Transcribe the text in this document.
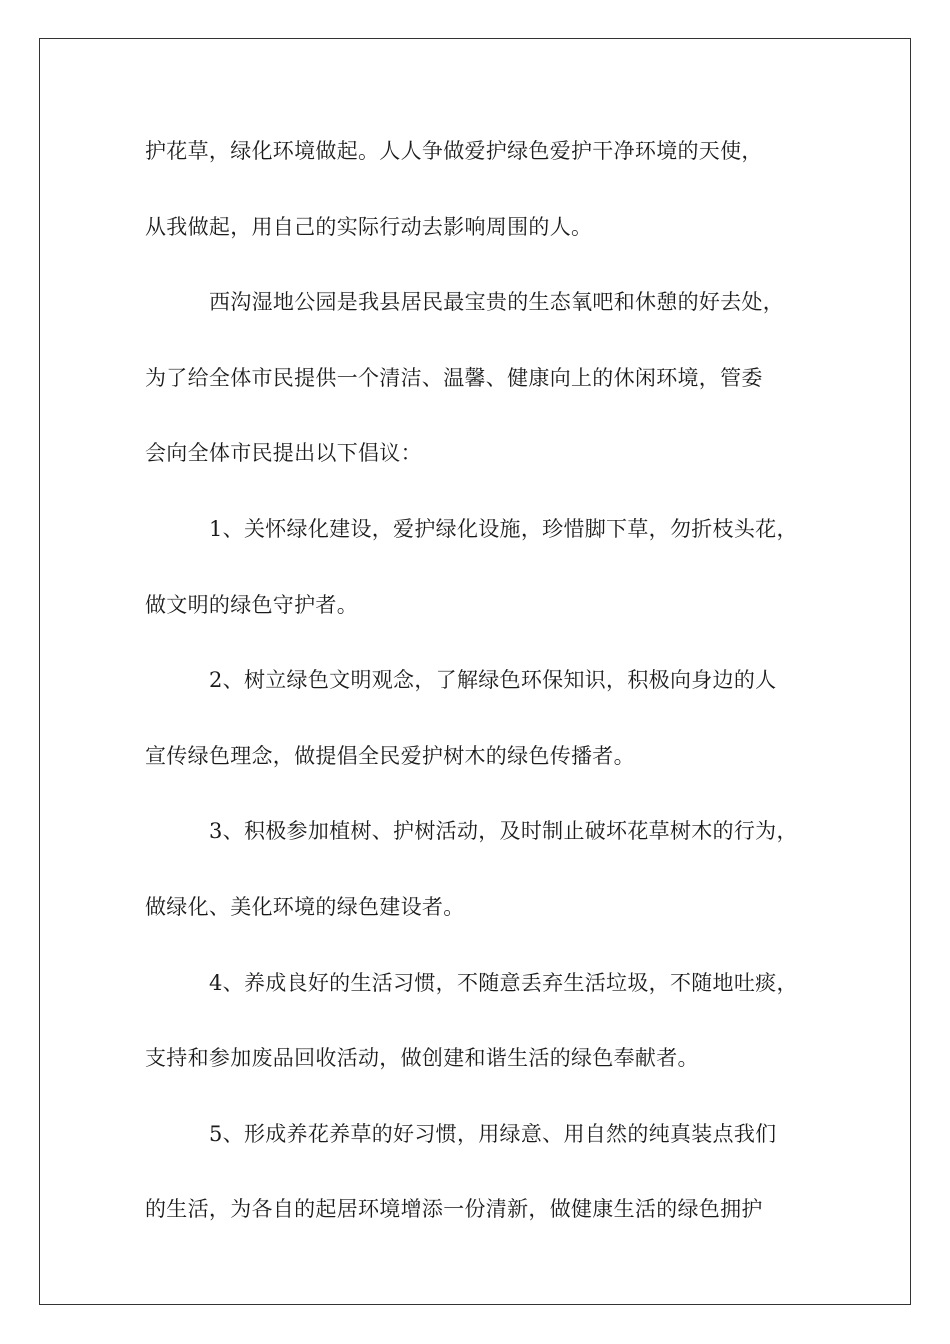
护花草，绿化环境做起。人人争做爱护绿色爱护干净环境的天使，
从我做起，用自己的实际行动去影响周围的人。
西沟湿地公园是我县居民最宝贵的生态氧吧和休憩的好去处，
为了给全体市民提供一个清洁、温馨、健康向上的休闲环境，管委
会向全体市民提出以下倡议：
1、关怀绿化建设，爱护绿化设施，珍惜脚下草，勿折枝头花，
做文明的绿色守护者。
2、树立绿色文明观念，了解绿色环保知识，积极向身边的人
宣传绿色理念，做提倡全民爱护树木的绿色传播者。
3、积极参加植树、护树活动，及时制止破坏花草树木的行为，
做绿化、美化环境的绿色建设者。
4、养成良好的生活习惯，不随意丢弃生活垃圾，不随地吐痰，
支持和参加废品回收活动，做创建和谐生活的绿色奉献者。
5、形成养花养草的好习惯，用绿意、用自然的纯真装点我们
的生活，为各自的起居环境增添一份清新，做健康生活的绿色拥护
